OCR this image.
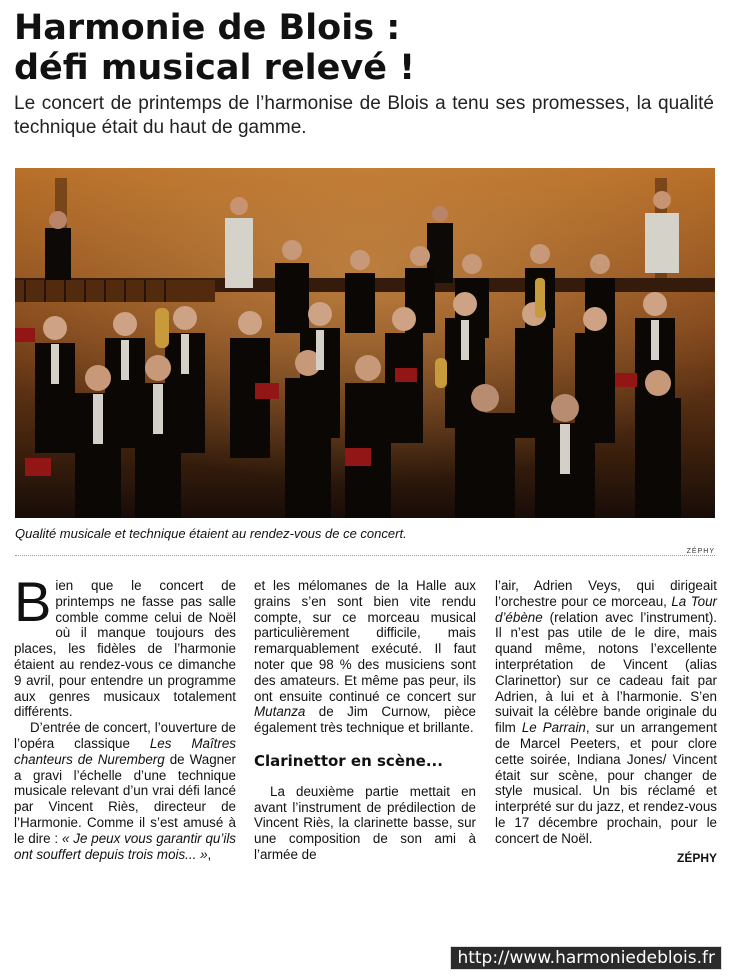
Harmonie de Blois :
défi musical relevé !

Le concert de printemps de l’harmonise de Blois a tenu ses promesses, la qualité technique était du haut de gamme.

Qualité musicale et technique étaient au rendez-vous de ce concert.
ZÉPHY

Bien que le concert de printemps ne fasse pas salle comble comme celui de Noël où il manque toujours des places, les fidèles de l’harmonie étaient au rendez-vous ce dimanche 9 avril, pour entendre un programme aux genres musicaux totalement différents.

D’entrée de concert, l’ouverture de l’opéra classique Les Maîtres chanteurs de Nuremberg de Wagner a gravi l’échelle d’une technique musicale relevant d’un vrai défi lancé par Vincent Riès, directeur de l’Harmonie. Comme il s’est amusé à le dire : « Je peux vous garantir qu’ils ont souffert depuis trois mois... »,

et les mélomanes de la Halle aux grains s’en sont bien vite rendu compte, sur ce morceau musical particulièrement difficile, mais remarquablement exécuté. Il faut noter que 98 % des musiciens sont des amateurs. Et même pas peur, ils ont ensuite continué ce concert sur Mutanza de Jim Curnow, pièce également très technique et brillante.

Clarinettor en scène...

La deuxième partie mettait en avant l’instrument de prédilection de Vincent Riès, la clarinette basse, sur une composition de son ami à l’armée de

l’air, Adrien Veys, qui dirigeait l’orchestre pour ce morceau, La Tour d’ébène (relation avec l’instrument). Il n’est pas utile de le dire, mais quand même, notons l’excellente interprétation de Vincent (alias Clarinettor) sur ce cadeau fait par Adrien, à lui et à l’harmonie. S’en suivait la célèbre bande originale du film Le Parrain, sur un arrangement de Marcel Peeters, et pour clore cette soirée, Indiana Jones/ Vincent était sur scène, pour changer de style musical. Un bis réclamé et interprété sur du jazz, et rendez-vous le 17 décembre prochain, pour le concert de Noël.

ZÉPHY

http://www.harmoniedeblois.fr
